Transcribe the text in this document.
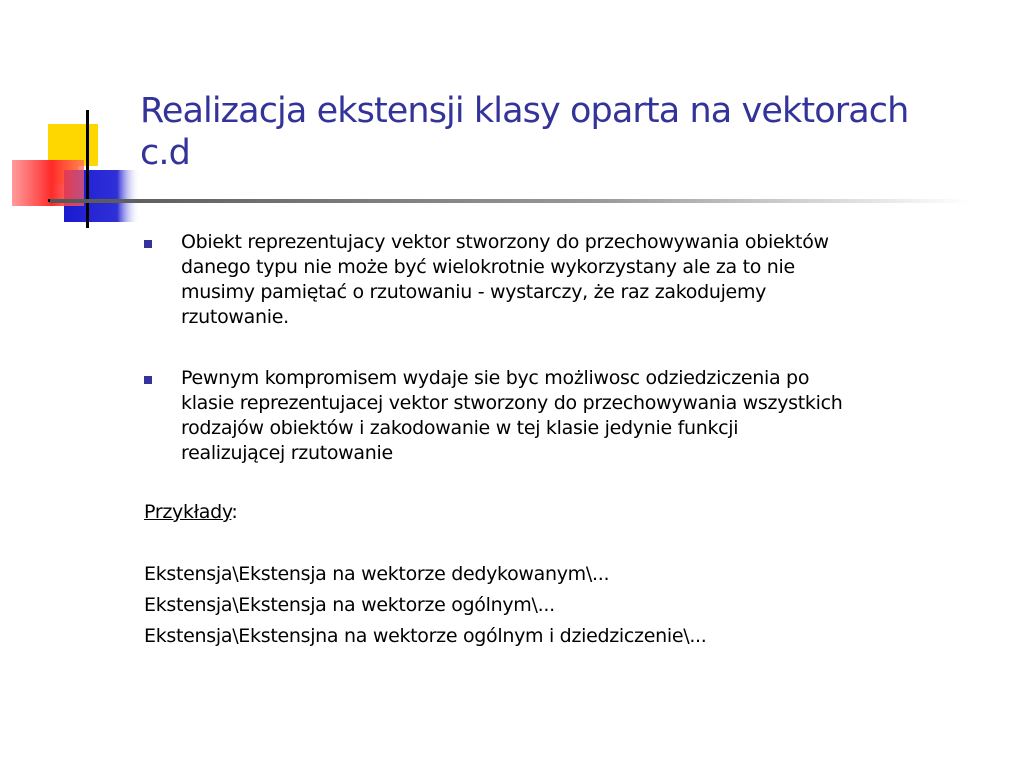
Realizacja ekstensji klasy oparta na vektorach
c.d
Obiekt reprezentujacy vektor stworzony do przechowywania obiektów
danego typu nie może być wielokrotnie wykorzystany ale za to nie
musimy pamiętać o rzutowaniu - wystarczy, że raz zakodujemy
rzutowanie.
Pewnym kompromisem wydaje sie byc możliwosc odziedziczenia po
klasie reprezentujacej vektor stworzony do przechowywania wszystkich
rodzajów obiektów i zakodowanie w tej klasie jedynie funkcji
realizującej rzutowanie
Przykłady:
Ekstensja\Ekstensja na wektorze dedykowanym\...
Ekstensja\Ekstensja na wektorze ogólnym\...
Ekstensja\Ekstensjna na wektorze ogólnym i dziedziczenie\...
